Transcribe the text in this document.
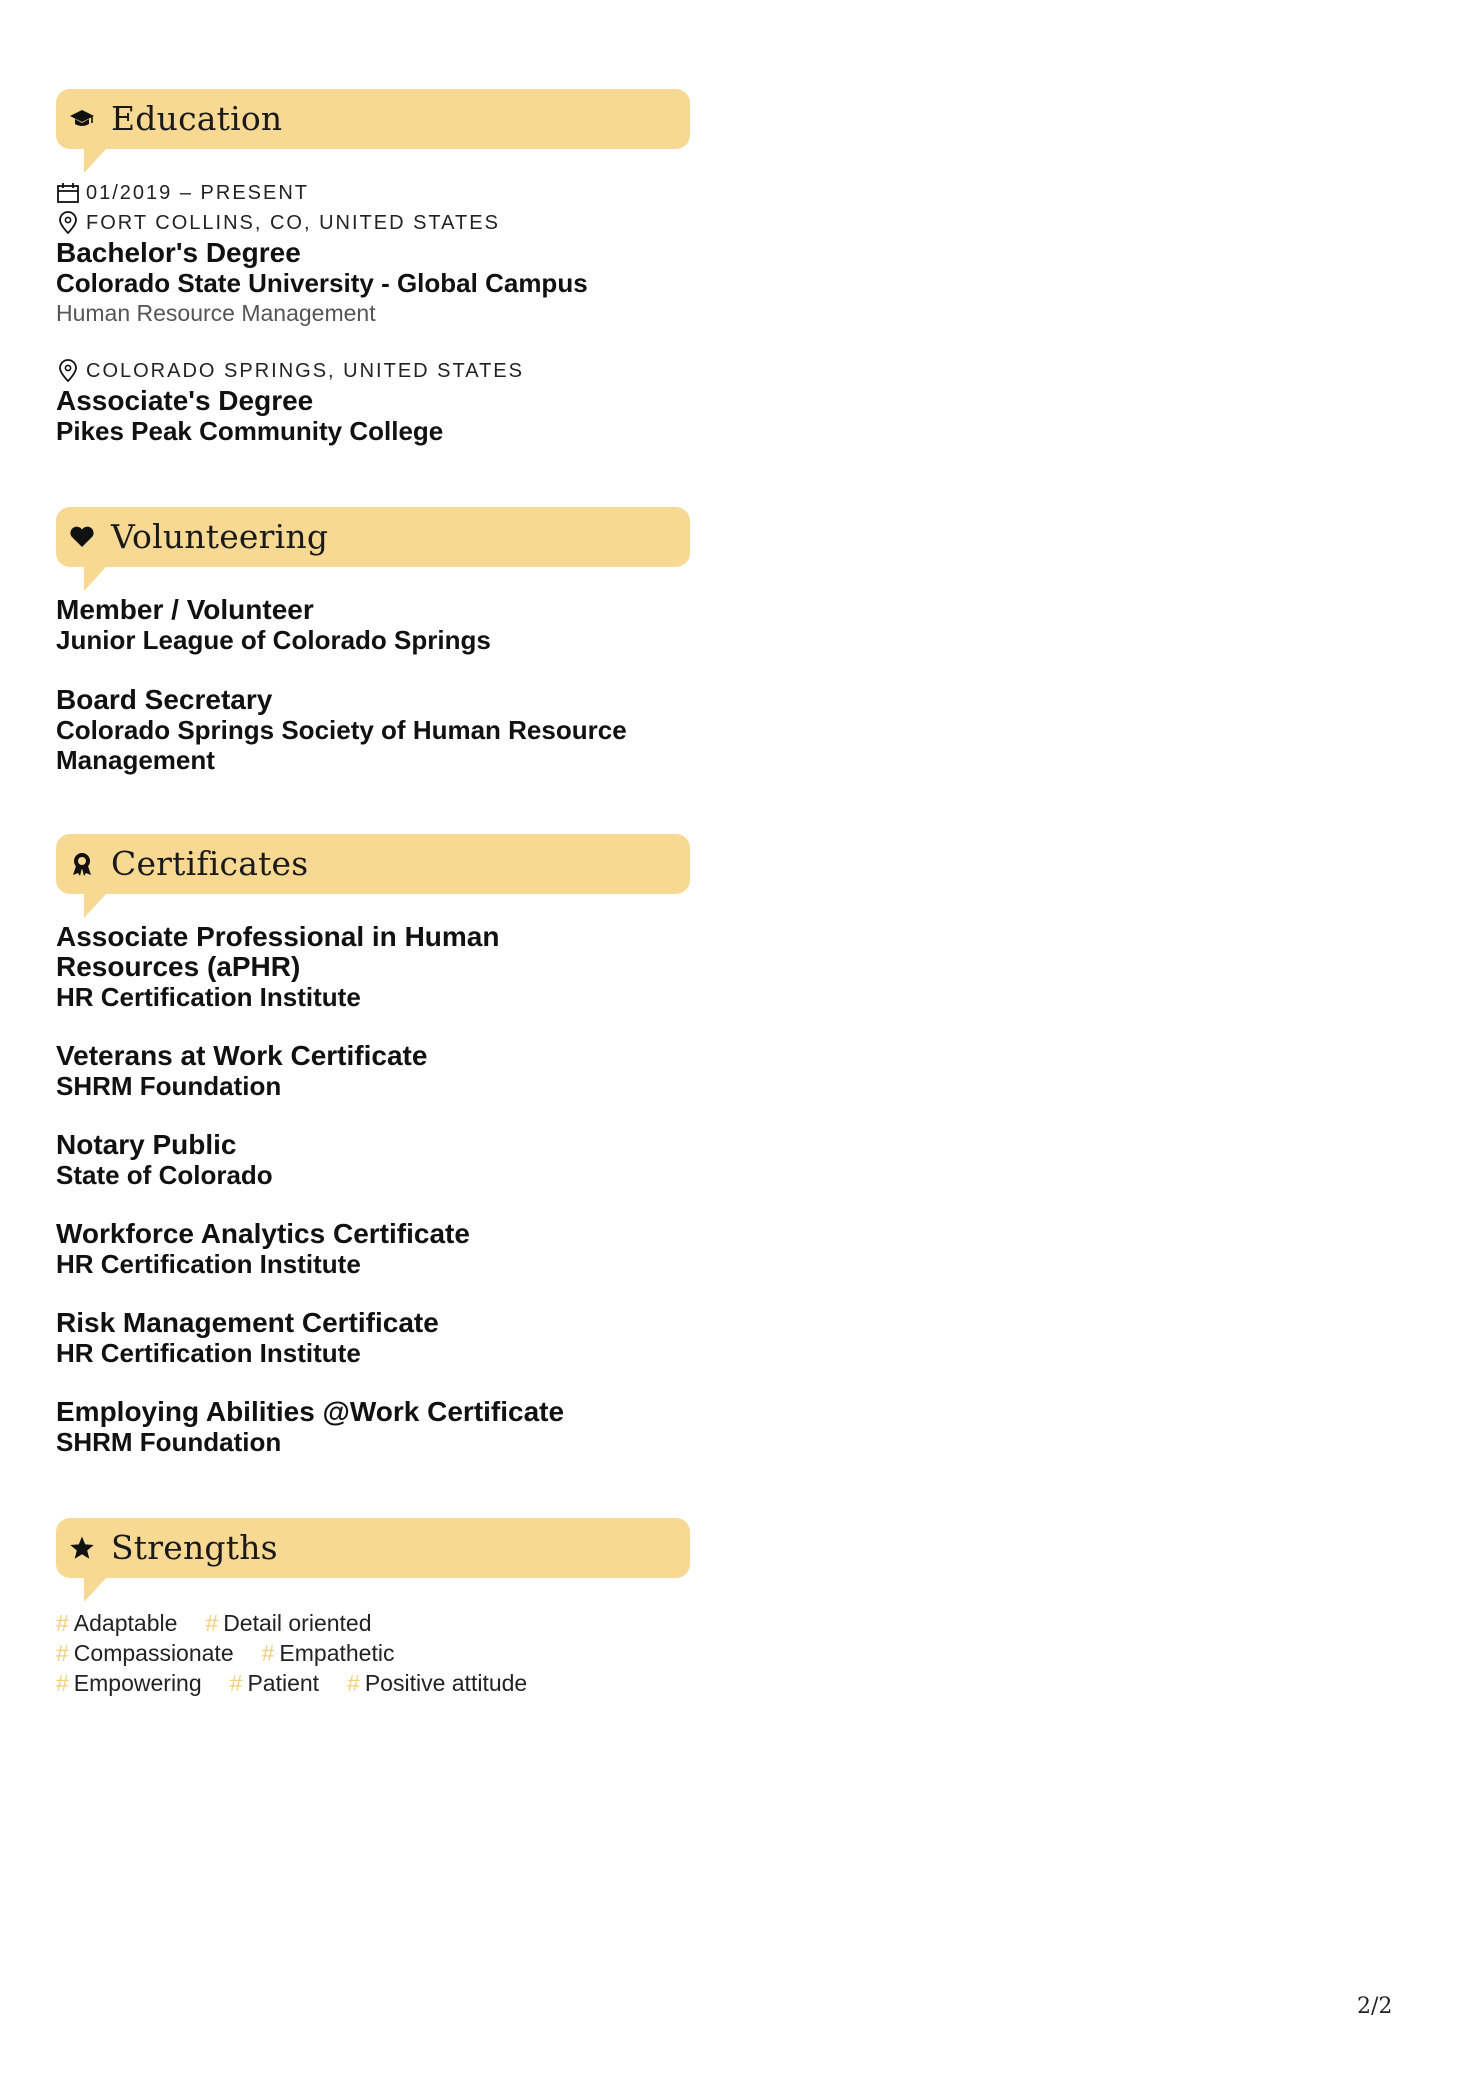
Education
01/2019 – PRESENT
FORT COLLINS, CO, UNITED STATES
Bachelor's Degree
Colorado State University - Global Campus
Human Resource Management
COLORADO SPRINGS, UNITED STATES
Associate's Degree
Pikes Peak Community College
Volunteering
Member / Volunteer
Junior League of Colorado Springs
Board Secretary
Colorado Springs Society of Human Resource Management
Certificates
Associate Professional in Human Resources (aPHR)
HR Certification Institute
Veterans at Work Certificate
SHRM Foundation
Notary Public
State of Colorado
Workforce Analytics Certificate
HR Certification Institute
Risk Management Certificate
HR Certification Institute
Employing Abilities @Work Certificate
SHRM Foundation
Strengths
# Adaptable # Detail oriented
# Compassionate # Empathetic
# Empowering # Patient # Positive attitude
2/2
